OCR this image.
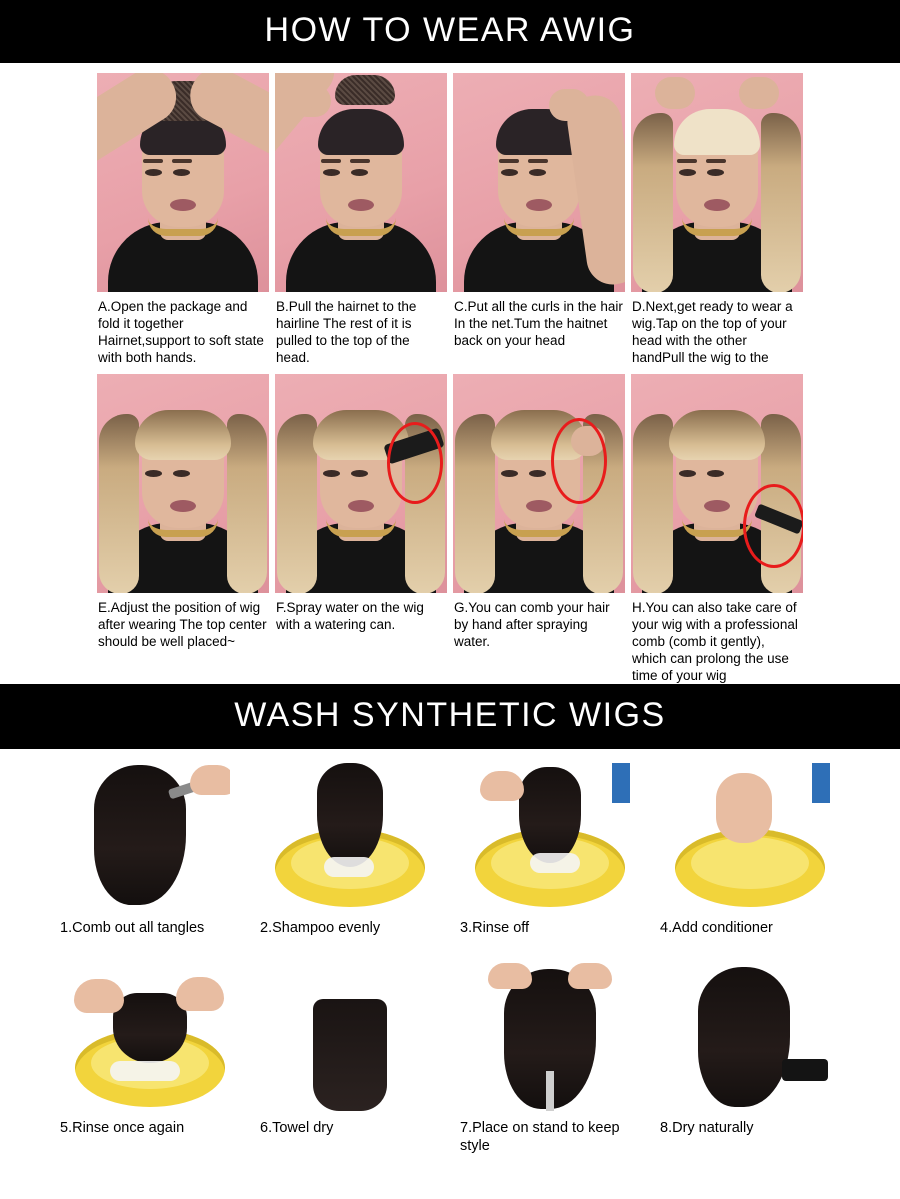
HOW TO WEAR AWIG
A.Open the package and fold it together Hairnet,support to soft state with both hands.
B.Pull the hairnet to the hairline The rest of it is pulled to the top of the head.
C.Put all the curls in the hair In the net.Tum the haitnet back on your head
D.Next,get ready to wear a wig.Tap on the top of your head with the other handPull the wig to the
E.Adjust the position of wig after wearing The top center should be well placed~
F.Spray water on the wig with a watering can.
G.You can comb your hair by hand after spraying water.
H.You can also take care of your wig with a professional comb (comb it gently), which can prolong the use time of your wig
WASH SYNTHETIC WIGS
1.Comb out all tangles	2.Shampoo evenly	3.Rinse off	4.Add conditioner
5.Rinse once again	6.Towel dry	7.Place on stand to keep style
8.Dry naturally
